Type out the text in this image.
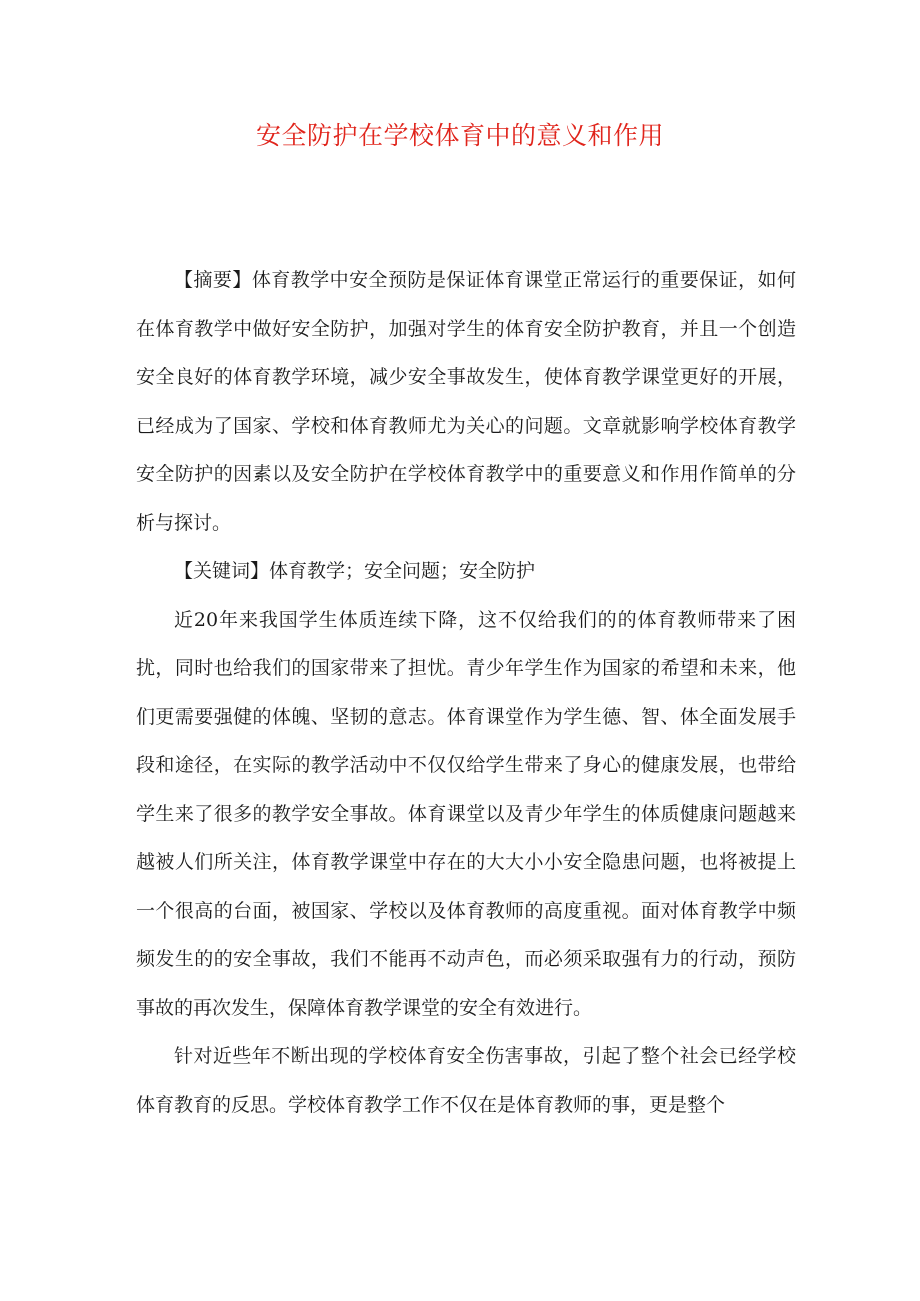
安全防护在学校体育中的意义和作用

【摘要】体育教学中安全预防是保证体育课堂正常运行的重要保证，如何在体育教学中做好安全防护，加强对学生的体育安全防护教育，并且一个创造安全良好的体育教学环境，减少安全事故发生，使体育教学课堂更好的开展，已经成为了国家、学校和体育教师尤为关心的问题。文章就影响学校体育教学安全防护的因素以及安全防护在学校体育教学中的重要意义和作用作简单的分析与探讨。

【关键词】体育教学；安全问题；安全防护

近20年来我国学生体质连续下降，这不仅给我们的的体育教师带来了困扰，同时也给我们的国家带来了担忧。青少年学生作为国家的希望和未来，他们更需要强健的体魄、坚韧的意志。体育课堂作为学生德、智、体全面发展手段和途径，在实际的教学活动中不仅仅给学生带来了身心的健康发展，也带给学生来了很多的教学安全事故。体育课堂以及青少年学生的体质健康问题越来越被人们所关注，体育教学课堂中存在的大大小小安全隐患问题，也将被提上一个很高的台面，被国家、学校以及体育教师的高度重视。面对体育教学中频频发生的的安全事故，我们不能再不动声色，而必须采取强有力的行动，预防事故的再次发生，保障体育教学课堂的安全有效进行。

针对近些年不断出现的学校体育安全伤害事故，引起了整个社会已经学校体育教育的反思。学校体育教学工作不仅在是体育教师的事，更是整个
